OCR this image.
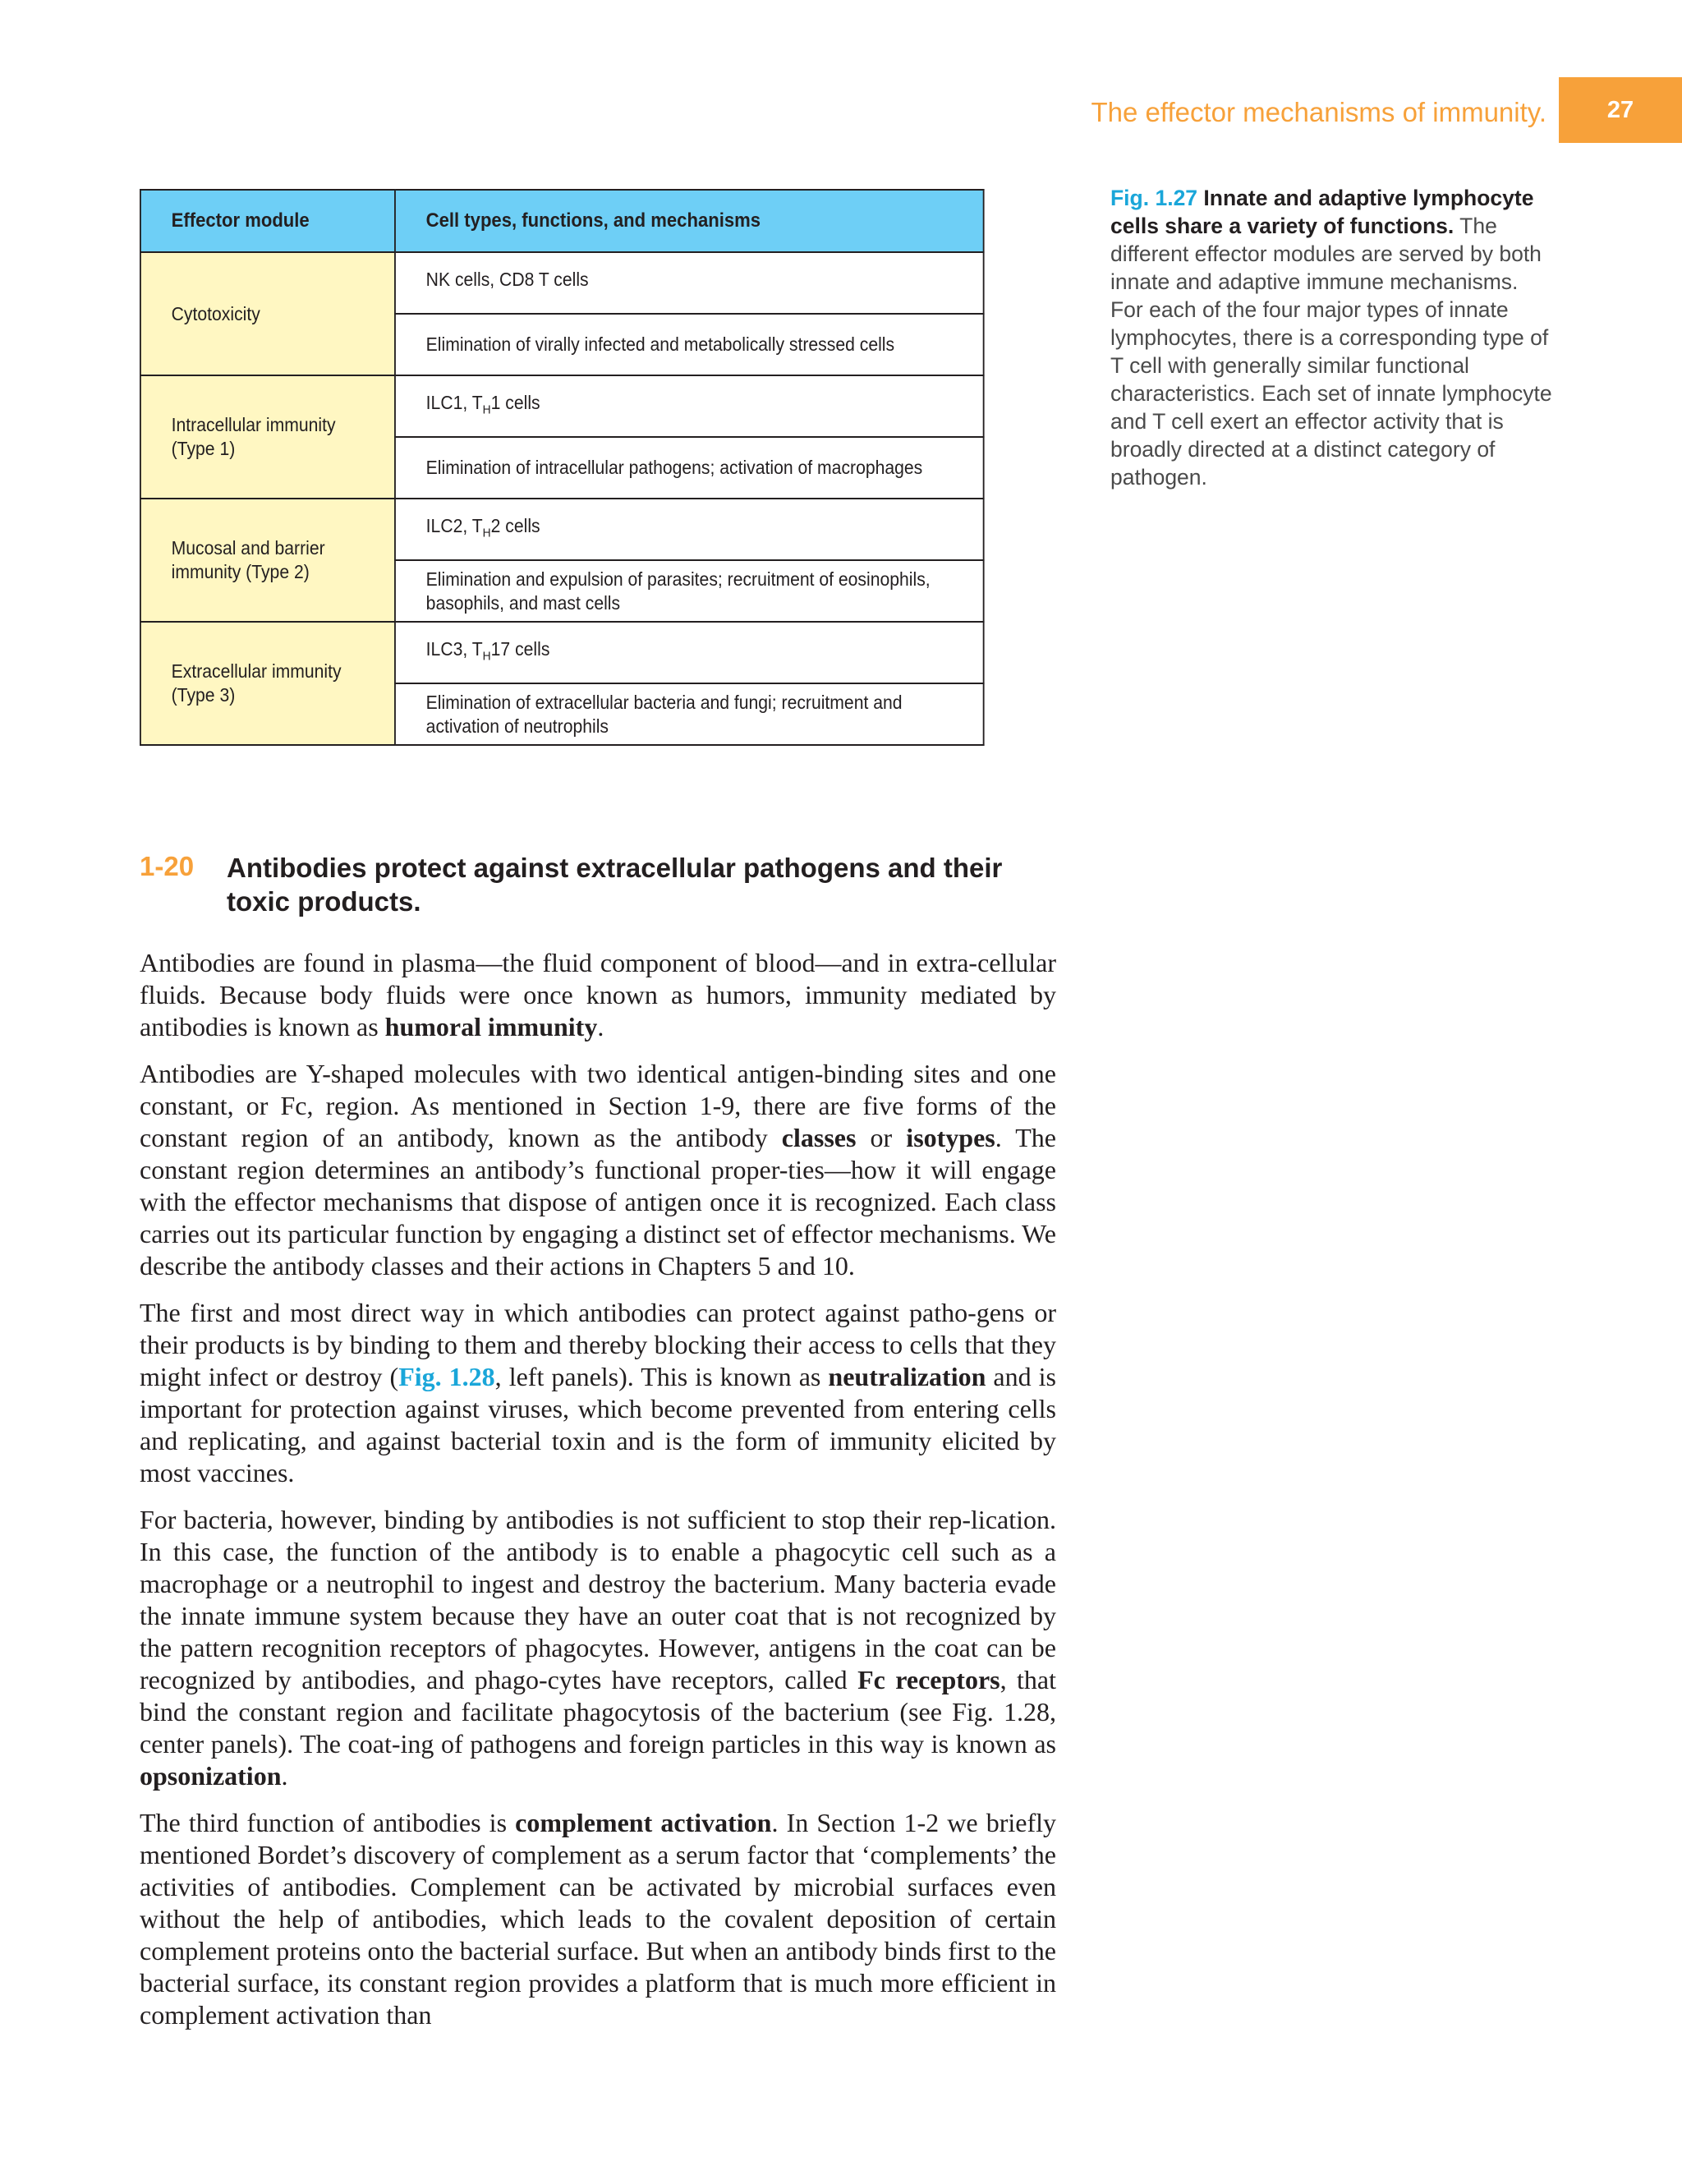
The effector mechanisms of immunity.	27
Effector module	Cell types, functions, and mechanisms
Cytotoxicity	NK cells, CD8 T cells
	Elimination of virally infected and metabolically stressed cells
Intracellular immunity (Type 1)	ILC1, $T_H1$ cells
	Elimination of intracellular pathogens; activation of macrophages
Mucosal and barrier immunity (Type 2)	ILC2, $T_H2$ cells
	Elimination and expulsion of parasites; recruitment of eosinophils, basophils, and mast cells
Extracellular immunity (Type 3)	ILC3, $T_H17$ cells
	Elimination of extracellular bacteria and fungi; recruitment and activation of neutrophils
Fig. 1.27 Innate and adaptive lymphocyte cells share a variety of functions. The different effector modules are served by both innate and adaptive immune mechanisms. For each of the four major types of innate lymphocytes, there is a corresponding type of T cell with generally similar functional characteristics. Each set of innate lymphocyte and T cell exert an effector activity that is broadly directed at a distinct category of pathogen.
1-20 Antibodies protect against extracellular pathogens and their toxic products.

Antibodies are found in plasma—the fluid component of blood—and in extra-cellular fluids. Because body fluids were once known as humors, immunity mediated by antibodies is known as humoral immunity.

Antibodies are Y-shaped molecules with two identical antigen-binding sites and one constant, or Fc, region. As mentioned in Section 1-9, there are five forms of the constant region of an antibody, known as the antibody classes or isotypes. The constant region determines an antibody’s functional proper-ties—how it will engage with the effector mechanisms that dispose of antigen once it is recognized. Each class carries out its particular function by engaging a distinct set of effector mechanisms. We describe the antibody classes and their actions in Chapters 5 and 10.

The first and most direct way in which antibodies can protect against patho-gens or their products is by binding to them and thereby blocking their access to cells that they might infect or destroy (Fig. 1.28, left panels). This is known as neutralization and is important for protection against viruses, which become prevented from entering cells and replicating, and against bacterial toxin and is the form of immunity elicited by most vaccines.

For bacteria, however, binding by antibodies is not sufficient to stop their rep-lication. In this case, the function of the antibody is to enable a phagocytic cell such as a macrophage or a neutrophil to ingest and destroy the bacterium. Many bacteria evade the innate immune system because they have an outer coat that is not recognized by the pattern recognition receptors of phagocytes. However, antigens in the coat can be recognized by antibodies, and phago-cytes have receptors, called Fc receptors, that bind the constant region and facilitate phagocytosis of the bacterium (see Fig. 1.28, center panels). The coat-ing of pathogens and foreign particles in this way is known as opsonization.

The third function of antibodies is complement activation. In Section 1-2 we briefly mentioned Bordet’s discovery of complement as a serum factor that ‘complements’ the activities of antibodies. Complement can be activated by microbial surfaces even without the help of antibodies, which leads to the covalent deposition of certain complement proteins onto the bacterial surface. But when an antibody binds first to the bacterial surface, its constant region provides a platform that is much more efficient in complement activation than
